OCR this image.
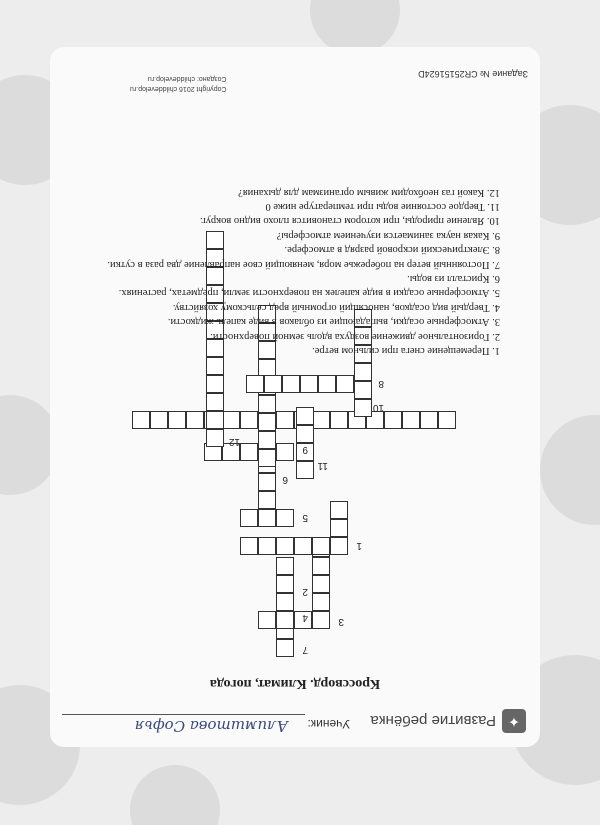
✦
Развитие ребёнка
Ученик:
Алимштова Софья
Кроссворд. Климат, погода
1
2
3
4
5
6
7
8
9
10
11
12
1. Перемещение снега при сильном ветре.
2. Горизонтальное движение воздуха вдоль земной поверхности.
3. Атмосферные осадки, выпадающие из облаков в виде капель жидкости.
4. Твердый вид осадков, наносящий огромный вред сельскому хозяйству.
5. Атмосферные осадки в виде капелек на поверхности земли, предметах, растениях.
6. Кристалл из воды.
7. Постоянный ветер на побережье моря, меняющий свое направление два раза в сутки.
8. Электрический искровой разряд в атмосфере.
9. Какая наука занимается изучением атмосферы?
10. Явление природы, при котором становится плохо видно вокруг.
11. Твердое состояние воды при температуре ниже 0
12. Какой газ необходим живым организмам для дыхания?
Задание № CR25151624D
Copyright 2016 childdevelop.ru
Создано: childdevelop.ru
